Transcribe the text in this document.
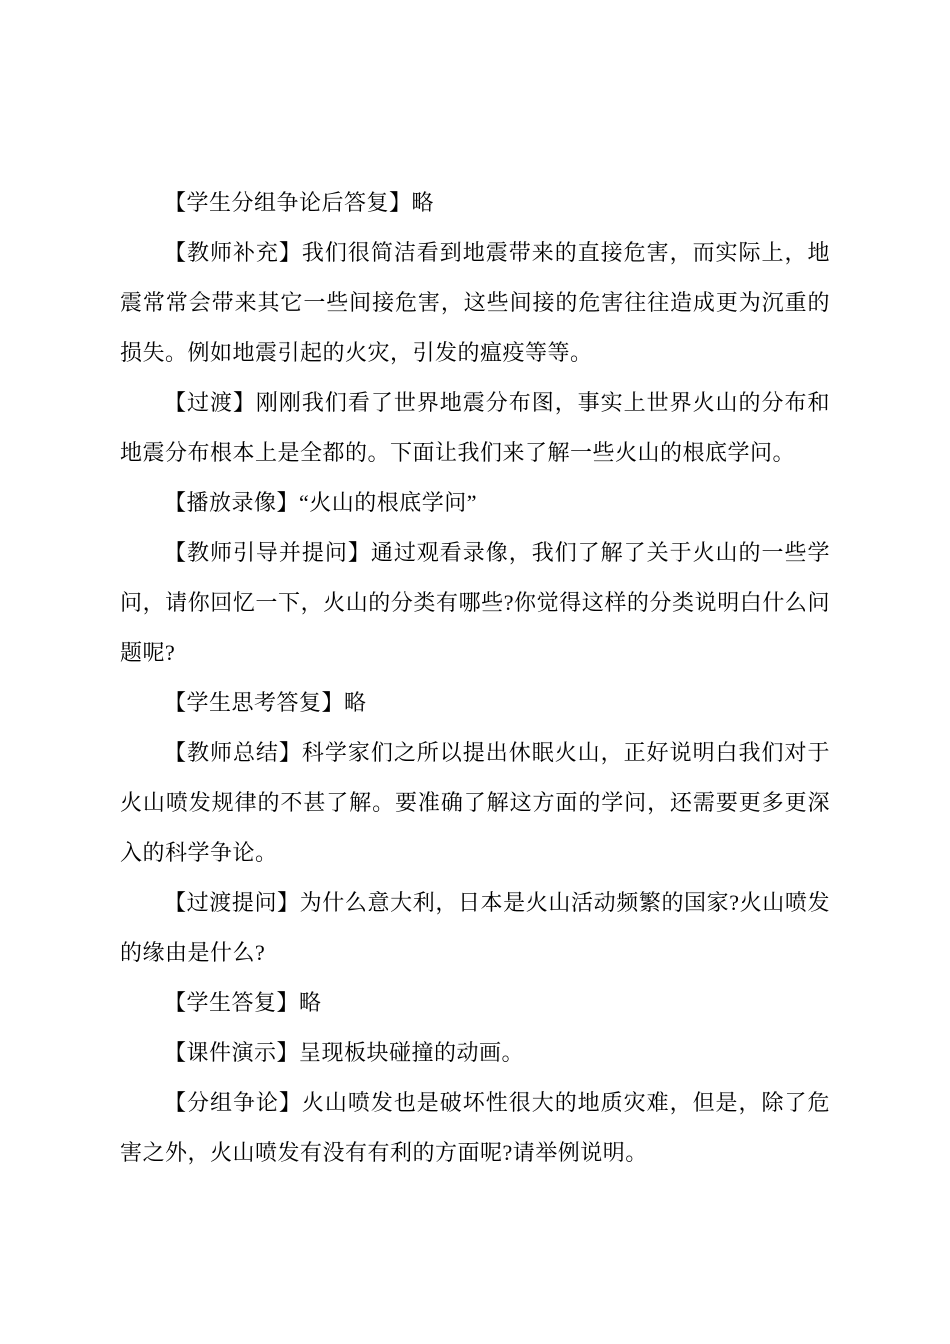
【学生分组争论后答复】略

【教师补充】我们很简洁看到地震带来的直接危害，而实际上，地震常常会带来其它一些间接危害，这些间接的危害往往造成更为沉重的损失。例如地震引起的火灾，引发的瘟疫等等。

【过渡】刚刚我们看了世界地震分布图，事实上世界火山的分布和地震分布根本上是全都的。下面让我们来了解一些火山的根底学问。

【播放录像】“火山的根底学问”

【教师引导并提问】通过观看录像，我们了解了关于火山的一些学问，请你回忆一下，火山的分类有哪些?你觉得这样的分类说明白什么问题呢?

【学生思考答复】略

【教师总结】科学家们之所以提出休眠火山，正好说明白我们对于火山喷发规律的不甚了解。要准确了解这方面的学问，还需要更多更深入的科学争论。

【过渡提问】为什么意大利，日本是火山活动频繁的国家?火山喷发的缘由是什么?

【学生答复】略

【课件演示】呈现板块碰撞的动画。

【分组争论】火山喷发也是破坏性很大的地质灾难，但是，除了危害之外，火山喷发有没有有利的方面呢?请举例说明。
